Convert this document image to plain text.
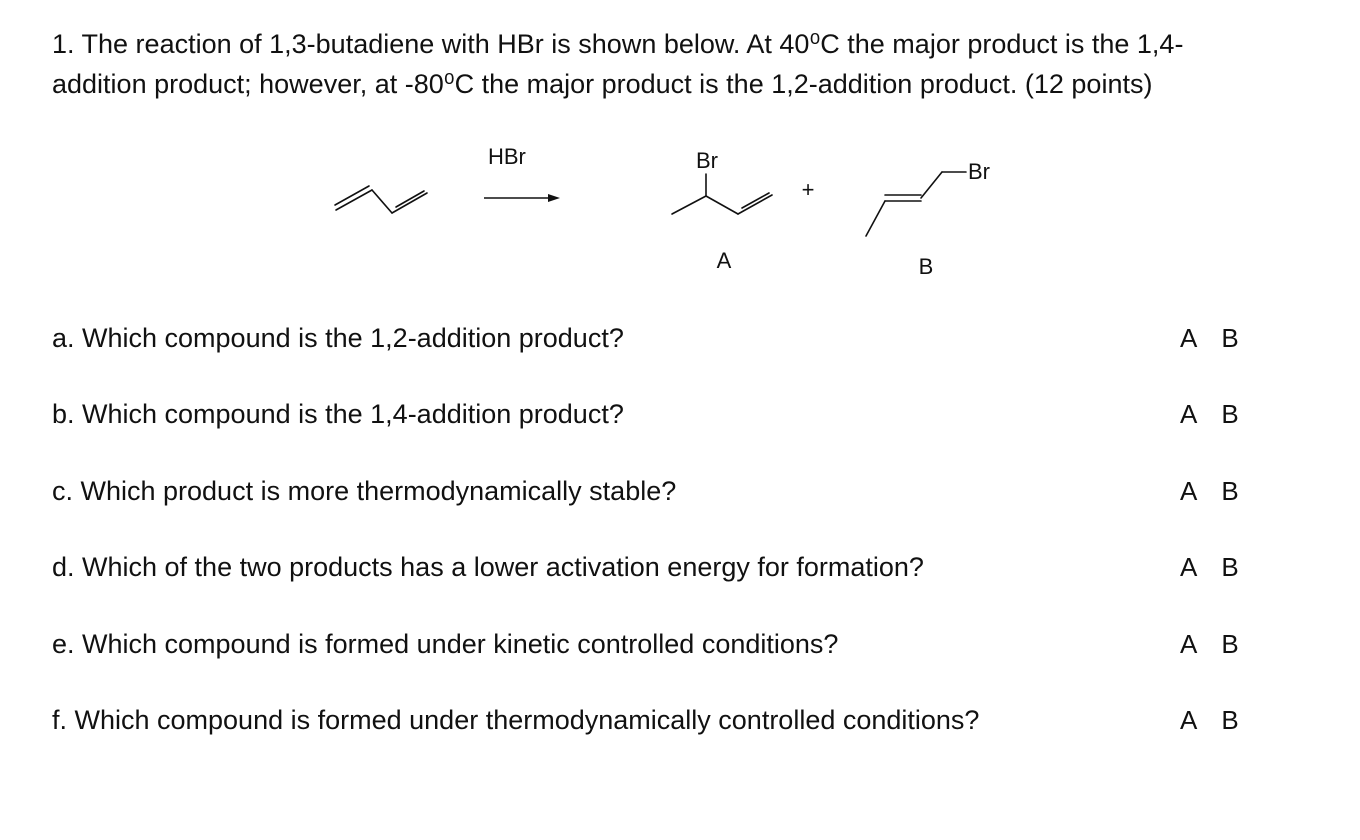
1. The reaction of 1,3-butadiene with HBr is shown below. At 40⁰C the major product is the 1,4-
addition product; however, at -80⁰C the major product is the 1,2-addition product. (12 points)
HBr	Br
A
+
Br
B
a. Which compound is the 1,2-addition product?	A B
b. Which compound is the 1,4-addition product?	A B
c. Which product is more thermodynamically stable?	A B
d. Which of the two products has a lower activation energy for formation?	A B
e. Which compound is formed under kinetic controlled conditions?	A B
f. Which compound is formed under thermodynamically controlled conditions?	A B
